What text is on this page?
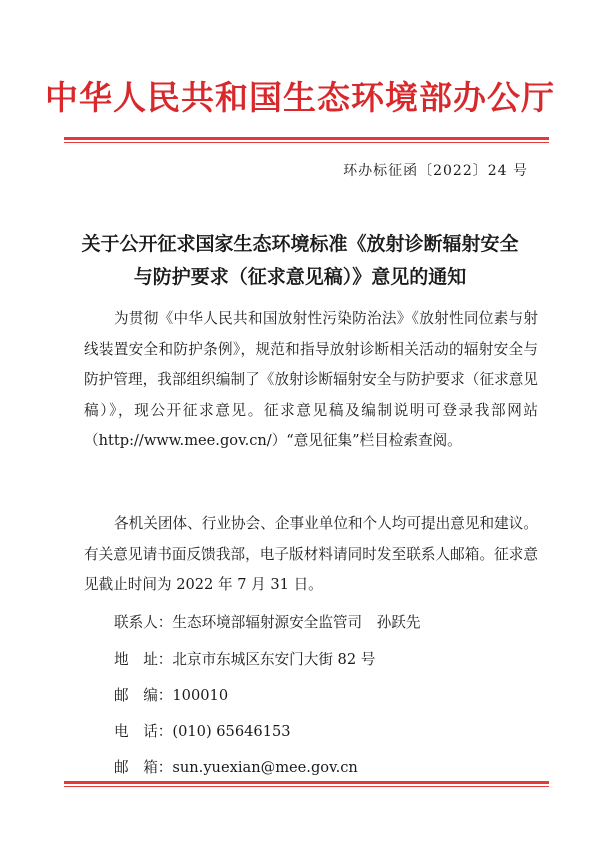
中华人民共和国生态环境部办公厅
环办标征函〔2022〕24 号
关于公开征求国家生态环境标准《放射诊断辐射安全
与防护要求（征求意见稿）》意见的通知
为贯彻《中华人民共和国放射性污染防治法》《放射性同位素与射线装置安全和防护条例》，规范和指导放射诊断相关活动的辐射安全与防护管理，我部组织编制了《放射诊断辐射安全与防护要求（征求意见稿）》，现公开征求意见。征求意见稿及编制说明可登录我部网站（http://www.mee.gov.cn/）“意见征集”栏目检索查阅。
各机关团体、行业协会、企事业单位和个人均可提出意见和建议。有关意见请书面反馈我部，电子版材料请同时发至联系人邮箱。征求意见截止时间为 2022 年 7 月 31 日。
联系人：生态环境部辐射源安全监管司　孙跃先
地　址：北京市东城区东安门大街 82 号
邮　编：100010
电　话：(010) 65646153
邮　箱：sun.yuexian@mee.gov.cn
